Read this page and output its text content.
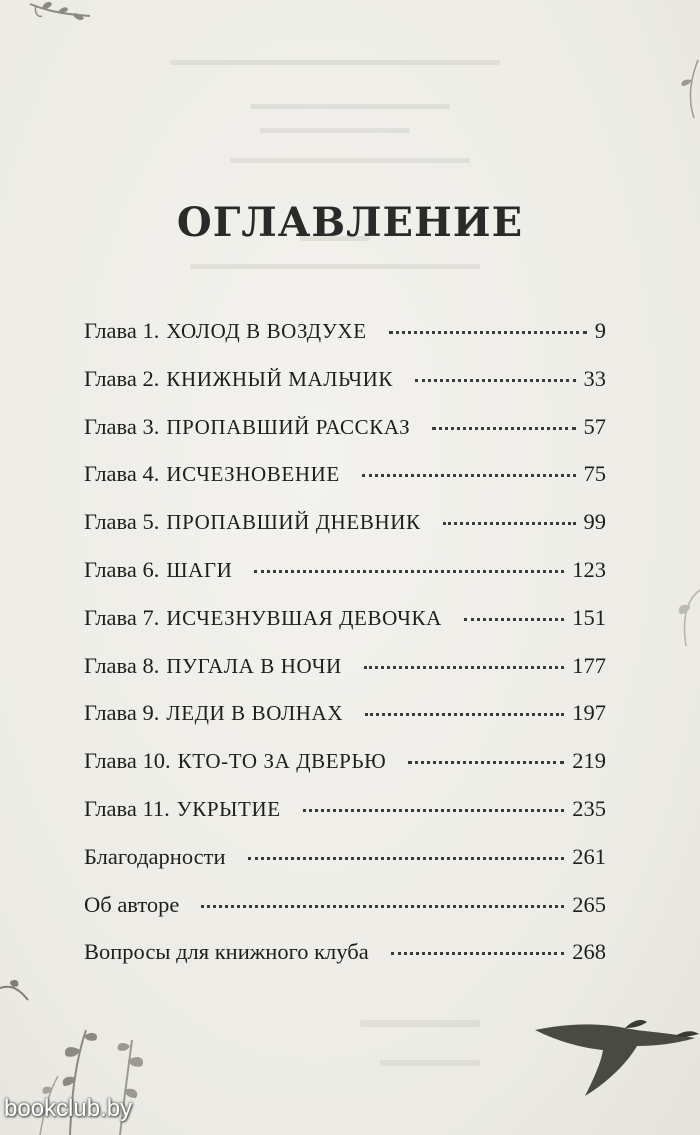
ОГЛАВЛЕНИЕ
Глава 1. ХОЛОД В ВОЗДУХЕ	9
Глава 2. КНИЖНЫЙ МАЛЬЧИК	33
Глава 3. ПРОПАВШИЙ РАССКАЗ	57
Глава 4. ИСЧЕЗНОВЕНИЕ	75
Глава 5. ПРОПАВШИЙ ДНЕВНИК	99
Глава 6. ШАГИ	123
Глава 7. ИСЧЕЗНУВШАЯ ДЕВОЧКА	151
Глава 8. ПУГАЛА В НОЧИ	177
Глава 9. ЛЕДИ В ВОЛНАХ	197
Глава 10. КТО-ТО ЗА ДВЕРЬЮ	219
Глава 11. УКРЫТИЕ	235
Благодарности	261
Об авторе	265
Вопросы для книжного клуба	268
bookclub.by
